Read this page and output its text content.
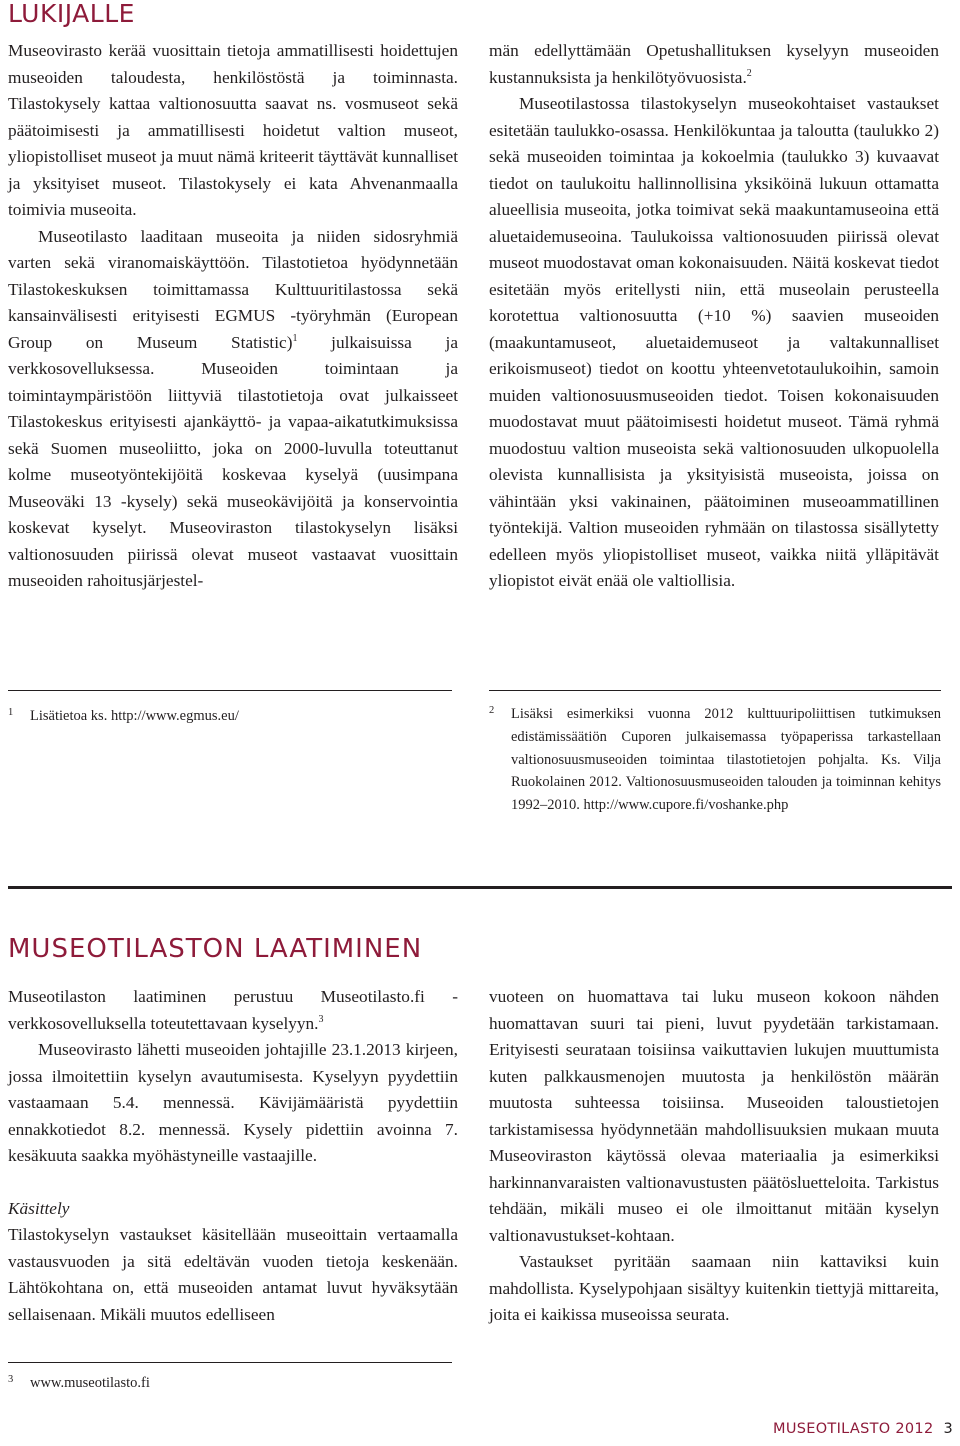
LUKIJALLE

Museovirasto kerää vuosittain tietoja ammatillisesti hoidettujen museoiden taloudesta, henkilöstöstä ja toiminnasta. Tilastokysely kattaa valtionosuutta saavat ns. vosmuseot sekä päätoimisesti ja ammatillisesti hoidetut valtion museot, yliopistolliset museot ja muut nämä kriteerit täyttävät kunnalliset ja yksityiset museot. Tilastokysely ei kata Ahvenanmaalla toimivia museoita.

Museotilasto laaditaan museoita ja niiden sidosryhmiä varten sekä viranomaiskäyttöön. Tilastotietoa hyödynnetään Tilastokeskuksen toimittamassa Kulttuuritilastossa sekä kansainvälisesti erityisesti EGMUS -työryhmän (European Group on Museum Statistic)$^1$ julkaisuissa ja verkkosovelluksessa. Museoiden toimintaan ja toimintaympäristöön liittyviä tilastotietoja ovat julkaisseet Tilastokeskus erityisesti ajankäyttö- ja vapaa-aikatutkimuksissa sekä Suomen museoliitto, joka on 2000-luvulla toteuttanut kolme museotyöntekijöitä koskevaa kyselyä (uusimpana Museoväki 13 -kysely) sekä museokävijöitä ja konservointia koskevat kyselyt. Museoviraston tilastokyselyn lisäksi valtionosuuden piirissä olevat museot vastaavat vuosittain museoiden rahoitusjärjestel-

män edellyttämään Opetushallituksen kyselyyn museoiden kustannuksista ja henkilötyövuosista.$^2$

Museotilastossa tilastokyselyn museokohtaiset vastaukset esitetään taulukko-osassa. Henkilökuntaa ja taloutta (taulukko 2) sekä museoiden toimintaa ja kokoelmia (taulukko 3) kuvaavat tiedot on taulukoitu hallinnollisina yksiköinä lukuun ottamatta alueellisia museoita, jotka toimivat sekä maakuntamuseoina että aluetaidemuseoina. Taulukoissa valtionosuuden piirissä olevat museot muodostavat oman kokonaisuuden. Näitä koskevat tiedot esitetään myös eritellysti niin, että museolain perusteella korotettua valtionosuutta (+10 %) saavien museoiden (maakuntamuseot, aluetaidemuseot ja valtakunnalliset erikoismuseot) tiedot on koottu yhteenvetotaulukoihin, samoin muiden valtionosuusmuseoiden tiedot. Toisen kokonaisuuden muodostavat muut päätoimisesti hoidetut museot. Tämä ryhmä muodostuu valtion museoista sekä valtionosuuden ulkopuolella olevista kunnallisista ja yksityisistä museoista, joissa on vähintään yksi vakinainen, päätoiminen museoammatillinen työntekijä. Valtion museoiden ryhmään on tilastossa sisällytetty edelleen myös yliopistolliset museot, vaikka niitä ylläpitävät yliopistot eivät enää ole valtiollisia.

1 Lisätietoa ks. http://www.egmus.eu/	2 Lisäksi esimerkiksi vuonna 2012 kulttuuripoliittisen tutkimuksen edistämissäätiön Cuporen julkaisemassa työpaperissa tarkastellaan valtionosuusmuseoiden toimintaa tilastotietojen pohjalta. Ks. Vilja Ruokolainen 2012. Valtionosuusmuseoiden talouden ja toiminnan kehitys 1992–2010. http://www.cupore.fi/voshanke.php
MUSEOTILASTON LAATIMINEN

Museotilaston laatiminen perustuu Museotilasto.fi -verkkosovelluksella toteutettavaan kyselyyn.$^3$

Museovirasto lähetti museoiden johtajille 23.1.2013 kirjeen, jossa ilmoitettiin kyselyn avautumisesta. Kyselyyn pyydettiin vastaamaan 5.4. mennessä. Kävijämääristä pyydettiin ennakkotiedot 8.2. mennessä. Kysely pidettiin avoinna 7. kesäkuuta saakka myöhästyneille vastaajille.

Käsittely

Tilastokyselyn vastaukset käsitellään museoittain vertaamalla vastausvuoden ja sitä edeltävän vuoden tietoja keskenään. Lähtökohtana on, että museoiden antamat luvut hyväksytään sellaisenaan. Mikäli muutos edelliseen

vuoteen on huomattava tai luku museon kokoon nähden huomattavan suuri tai pieni, luvut pyydetään tarkistamaan. Erityisesti seurataan toisiinsa vaikuttavien lukujen muuttumista kuten palkkausmenojen muutosta ja henkilöstön määrän muutosta suhteessa toisiinsa. Museoiden taloustietojen tarkistamisessa hyödynnetään mahdollisuuksien mukaan muuta Museoviraston käytössä olevaa materiaalia ja esimerkiksi harkinnanvaraisten valtionavustusten päätösluetteloita. Tarkistus tehdään, mikäli museo ei ole ilmoittanut mitään kyselyn valtionavustukset-kohtaan.

Vastaukset pyritään saamaan niin kattaviksi kuin mahdollista. Kyselypohjaan sisältyy kuitenkin tiettyjä mittareita, joita ei kaikissa museoissa seurata.

3 www.museotilasto.fi
MUSEOTILASTO 2012 3
